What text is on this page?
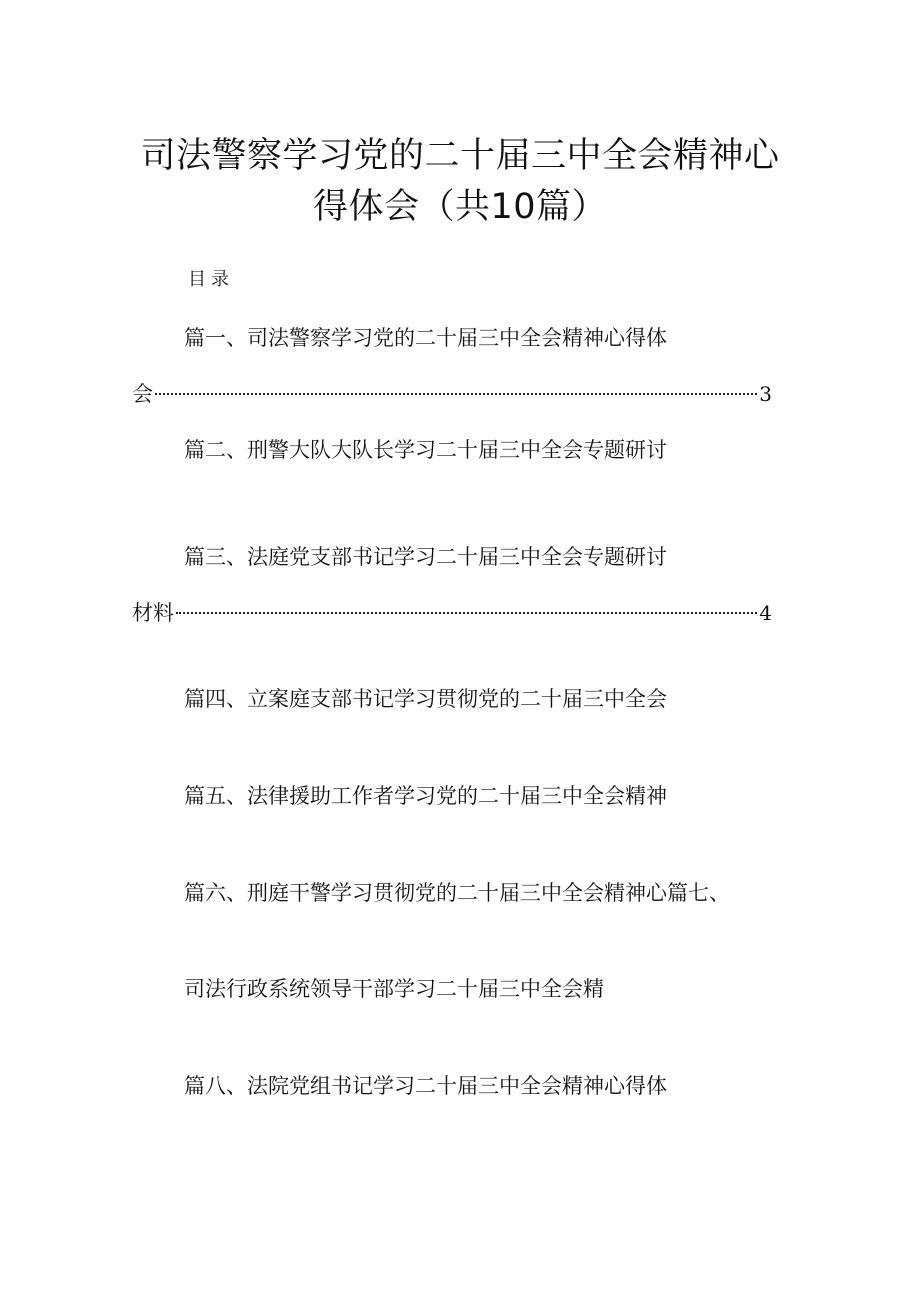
司法警察学习党的二十届三中全会精神心
得体会（共10篇）
目录
篇一、司法警察学习党的二十届三中全会精神心得体
会	3
篇二、刑警大队大队长学习二十届三中全会专题研讨
篇三、法庭党支部书记学习二十届三中全会专题研讨
材料	4
篇四、立案庭支部书记学习贯彻党的二十届三中全会
篇五、法律援助工作者学习党的二十届三中全会精神
篇六、刑庭干警学习贯彻党的二十届三中全会精神心篇七、
司法行政系统领导干部学习二十届三中全会精
篇八、法院党组书记学习二十届三中全会精神心得体
